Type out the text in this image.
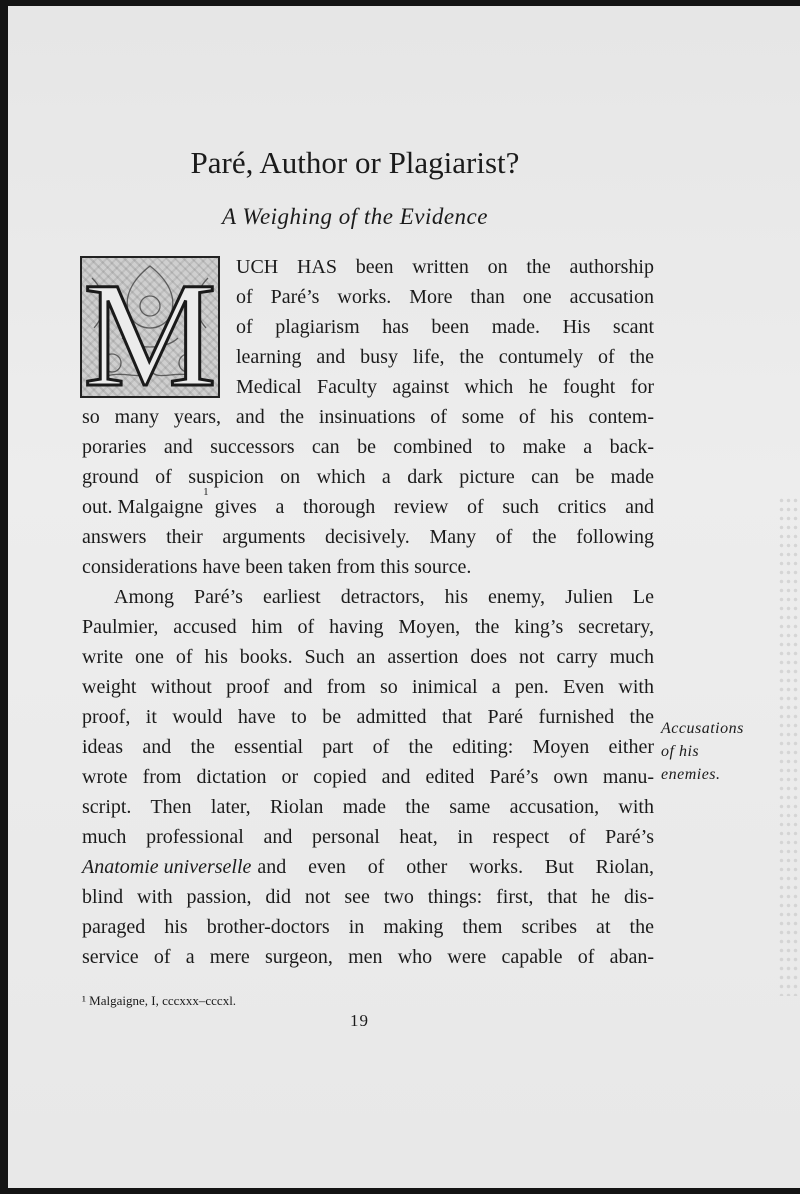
Paré, Author or Plagiarist?
A Weighing of the Evidence
M UCH HAS been written on the authorship
of Paré’s works. More than one accusation
of plagiarism has been made. His scant
learning and busy life, the contumely of the
Medical Faculty against which he fought for
so many years, and the insinuations of some of his contem-
poraries and successors can be combined to make a back-
ground of suspicion on which a dark picture can be made
out. Malgaigne
1
gives a thorough review of such critics and
answers their arguments decisively. Many of the following
considerations have been taken from this source.
Among Paré’s earliest detractors, his enemy, Julien Le
Paulmier, accused him of having Moyen, the king’s secretary,
write one of his books. Such an assertion does not carry much
weight without proof and from so inimical a pen. Even with
proof, it would have to be admitted that Paré furnished the
ideas and the essential part of the editing: Moyen either
wrote from dictation or copied and edited Paré’s own manu-
script. Then later, Riolan made the same accusation, with
much professional and personal heat, in respect of Paré’s
Anatomie universelle and even of other works. But Riolan,
blind with passion, did not see two things: first, that he dis-
paraged his brother-doctors in making them scribes at the
service of a mere surgeon, men who were capable of aban-
Accusations
of his
enemies.
¹ Malgaigne, I, cccxxx–cccxl.
19
